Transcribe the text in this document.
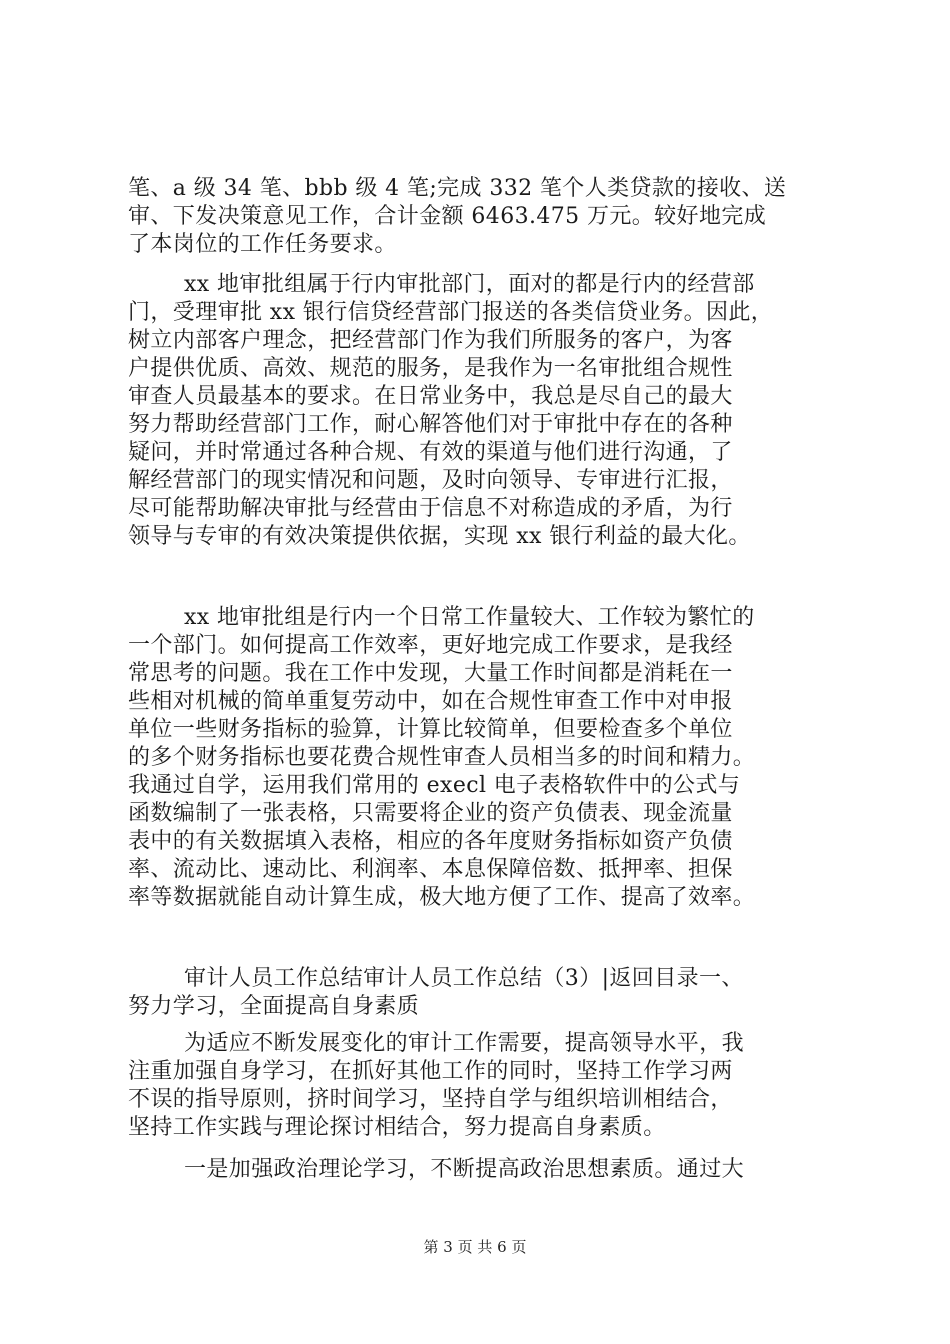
笔、a 级 34 笔、bbb 级 4 笔;完成 332 笔个人类贷款的接收、送
审、下发决策意见工作，合计金额 6463.475 万元。较好地完成
了本岗位的工作任务要求。
xx 地审批组属于行内审批部门，面对的都是行内的经营部
门，受理审批 xx 银行信贷经营部门报送的各类信贷业务。因此，
树立内部客户理念，把经营部门作为我们所服务的客户，为客
户提供优质、高效、规范的服务，是我作为一名审批组合规性
审查人员最基本的要求。在日常业务中，我总是尽自己的最大
努力帮助经营部门工作，耐心解答他们对于审批中存在的各种
疑问，并时常通过各种合规、有效的渠道与他们进行沟通，了
解经营部门的现实情况和问题，及时向领导、专审进行汇报，
尽可能帮助解决审批与经营由于信息不对称造成的矛盾，为行
领导与专审的有效决策提供依据，实现 xx 银行利益的最大化。
xx 地审批组是行内一个日常工作量较大、工作较为繁忙的
一个部门。如何提高工作效率，更好地完成工作要求，是我经
常思考的问题。我在工作中发现，大量工作时间都是消耗在一
些相对机械的简单重复劳动中，如在合规性审查工作中对申报
单位一些财务指标的验算，计算比较简单，但要检查多个单位
的多个财务指标也要花费合规性审查人员相当多的时间和精力。
我通过自学，运用我们常用的 execl 电子表格软件中的公式与
函数编制了一张表格，只需要将企业的资产负债表、现金流量
表中的有关数据填入表格，相应的各年度财务指标如资产负债
率、流动比、速动比、利润率、本息保障倍数、抵押率、担保
率等数据就能自动计算生成，极大地方便了工作、提高了效率。
审计人员工作总结审计人员工作总结（3）|返回目录一、
努力学习，全面提高自身素质
为适应不断发展变化的审计工作需要，提高领导水平，我
注重加强自身学习，在抓好其他工作的同时，坚持工作学习两
不误的指导原则，挤时间学习，坚持自学与组织培训相结合，
坚持工作实践与理论探讨相结合，努力提高自身素质。
一是加强政治理论学习，不断提高政治思想素质。通过大
第 3 页 共 6 页
